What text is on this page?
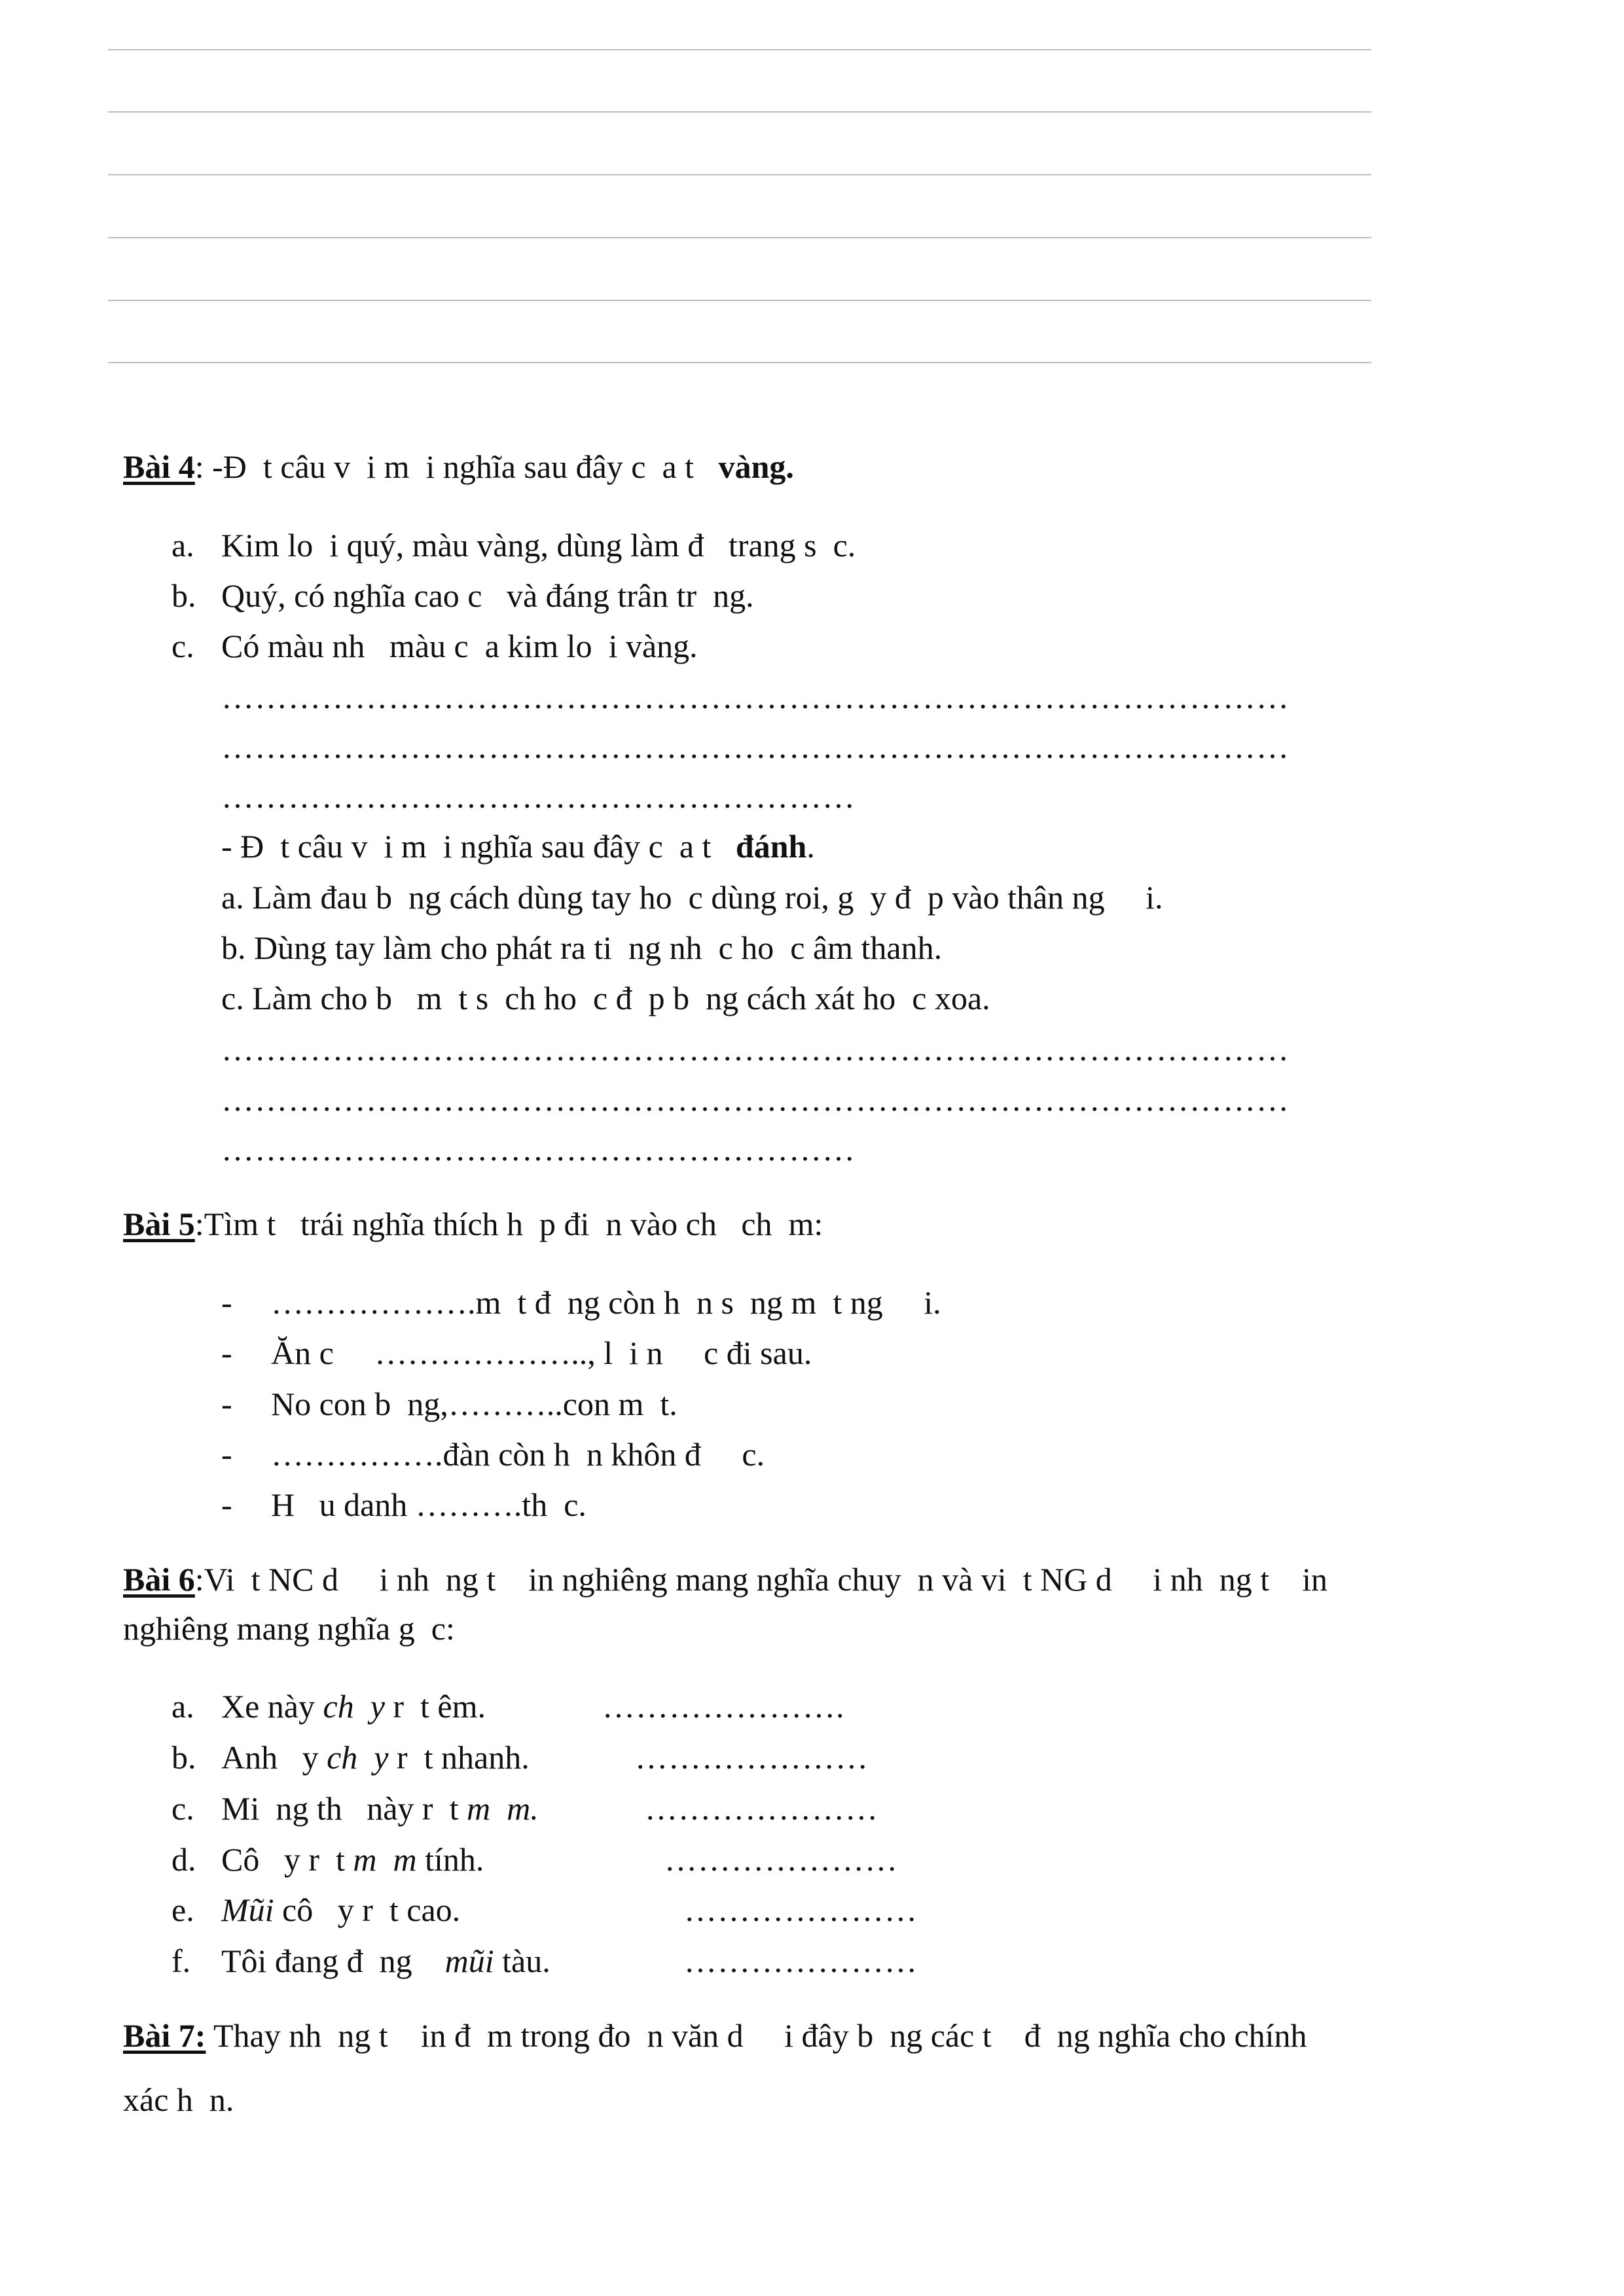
Bài 4: -Đ  t câu v  i m  i nghĩa sau đây c  a t   vàng.
a. Kim lo  i quý, màu vàng, dùng làm đ   trang s  c.
b. Quý, có nghĩa cao c   và đáng trân tr  ng.
c. Có màu nh   màu c  a kim lo  i vàng.
……………………………………………………………………………………
……………………………………………………………………………………
…………………………………………………
- Đ  t câu v  i m  i nghĩa sau đây c  a t   đánh.
a. Làm đau b  ng cách dùng tay ho  c dùng roi, g  y đ  p vào thân ng     i.
b. Dùng tay làm cho phát ra ti  ng nh  c ho  c âm thanh.
c. Làm cho b   m  t s  ch ho  c đ  p b  ng cách xát ho  c xoa.
……………………………………………………………………………………
……………………………………………………………………………………
…………………………………………………
Bài 5:Tìm t   trái nghĩa thích h  p đi  n vào ch   ch  m:
- ……………….m  t đ  ng còn h  n s  ng m  t ng     i.
- Ăn c     ……………….., l  i n     c đi sau.
- No con b  ng,………..con m  t.
- …………….đàn còn h  n khôn đ     c.
- H   u danh ……….th  c.
Bài 6:Vi  t NC d     i nh  ng t    in nghiêng mang nghĩa chuy  n và vi  t NG d     i nh  ng t    in
nghiêng mang nghĩa g  c:
a. Xe này ch  y r  t êm.	………………….
b. Anh   y ch  y r  t nhanh.	…………………
c. Mi  ng th   này r  t m  m.	…………………
d. Cô   y r  t m  m tính.	…………………
e. Mũi cô   y r  t cao.	…………………
f. Tôi đang đ  ng    mũi tàu.	…………………
Bài 7: Thay nh  ng t    in đ  m trong đo  n văn d     i đây b  ng các t    đ  ng nghĩa cho chính
xác h  n.
